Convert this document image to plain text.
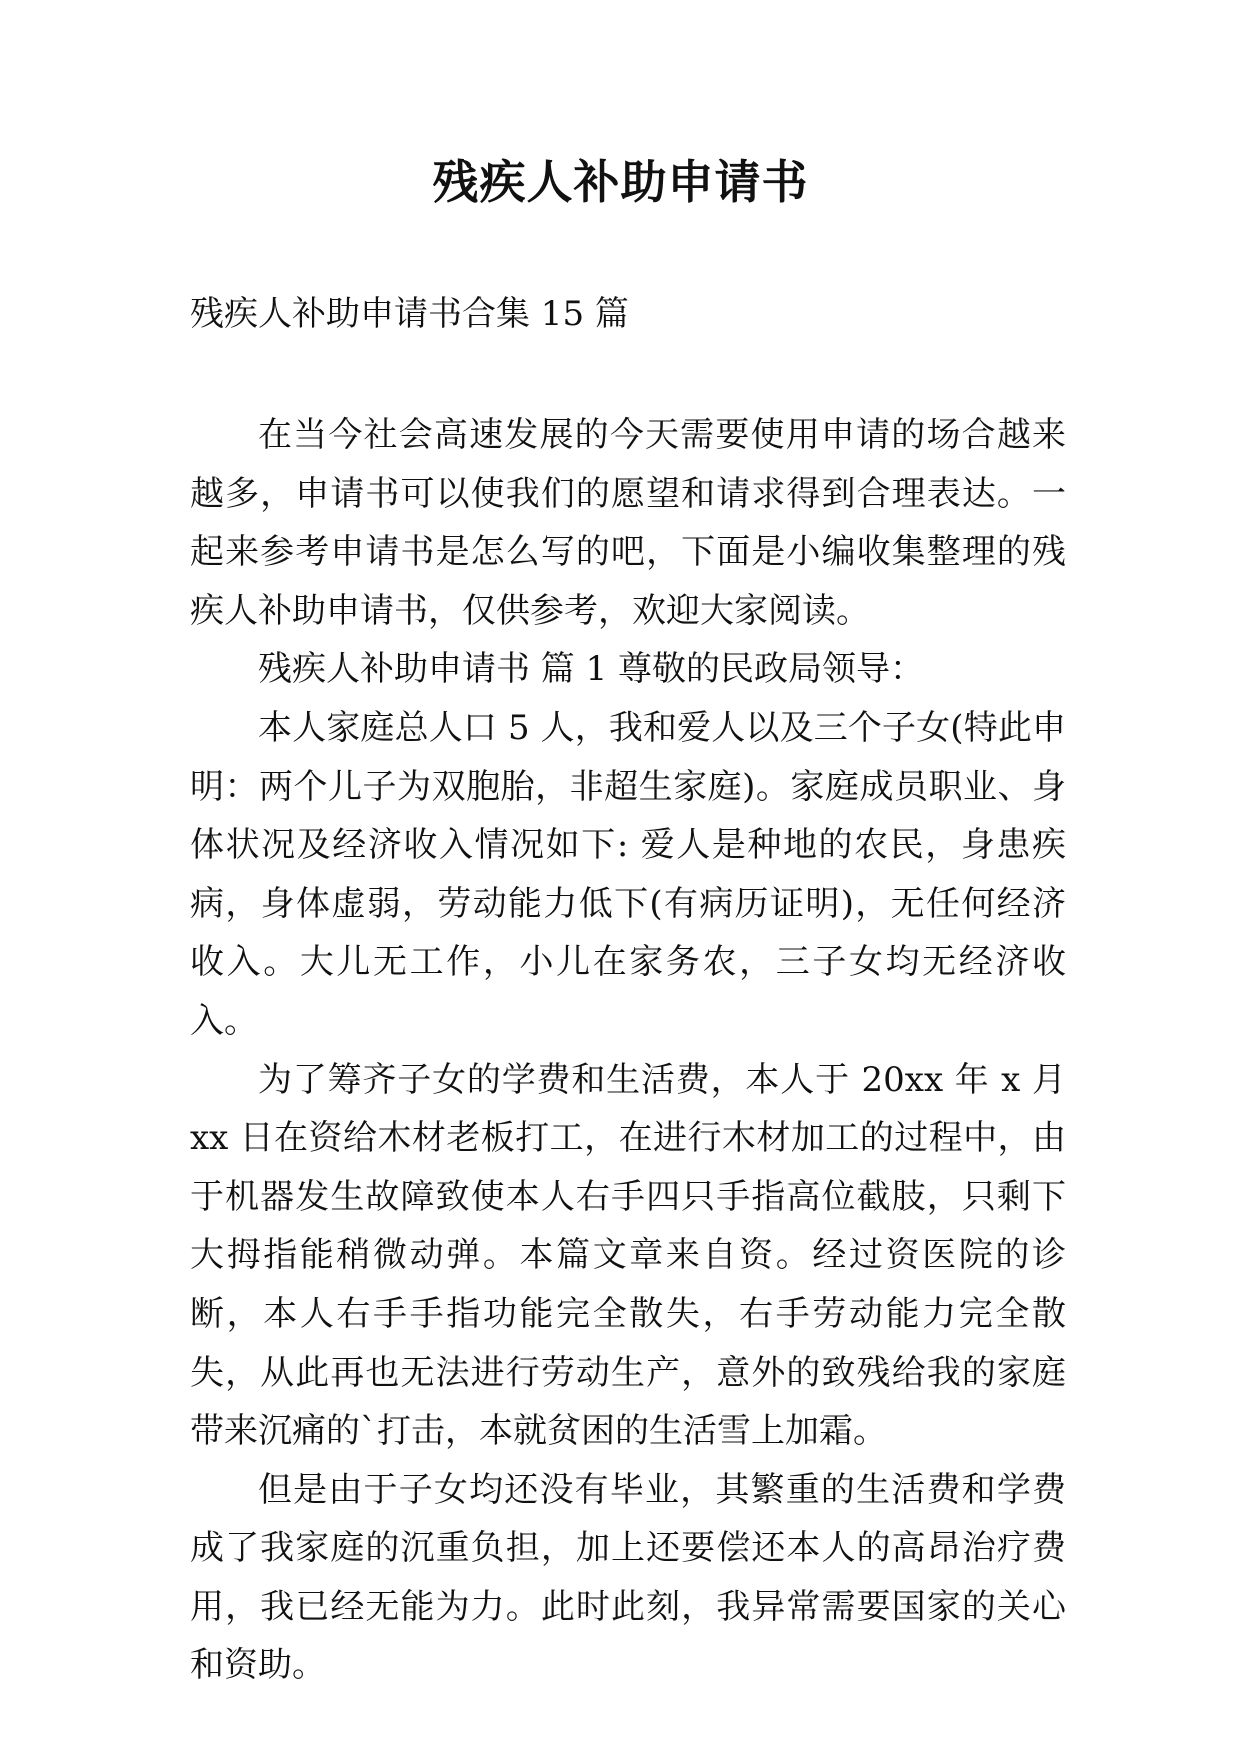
残疾人补助申请书

残疾人补助申请书合集 15 篇

在当今社会高速发展的今天需要使用申请的场合越来越多，申请书可以使我们的愿望和请求得到合理表达。一起来参考申请书是怎么写的吧，下面是小编收集整理的残疾人补助申请书，仅供参考，欢迎大家阅读。

残疾人补助申请书 篇 1 尊敬的民政局领导：

本人家庭总人口 5 人，我和爱人以及三个子女(特此申明：两个儿子为双胞胎，非超生家庭)。家庭成员职业、身体状况及经济收入情况如下: 爱人是种地的农民，身患疾病，身体虚弱，劳动能力低下(有病历证明)，无任何经济收入。大儿无工作，小儿在家务农，三子女均无经济收入。

为了筹齐子女的学费和生活费，本人于 20xx 年 x 月 xx 日在资给木材老板打工，在进行木材加工的过程中，由于机器发生故障致使本人右手四只手指高位截肢，只剩下大拇指能稍微动弹。本篇文章来自资。经过资医院的诊断，本人右手手指功能完全散失，右手劳动能力完全散失，从此再也无法进行劳动生产，意外的致残给我的家庭带来沉痛的`打击，本就贫困的生活雪上加霜。

但是由于子女均还没有毕业，其繁重的生活费和学费成了我家庭的沉重负担，加上还要偿还本人的高昂治疗费用，我已经无能为力。此时此刻，我异常需要国家的关心和资助。
